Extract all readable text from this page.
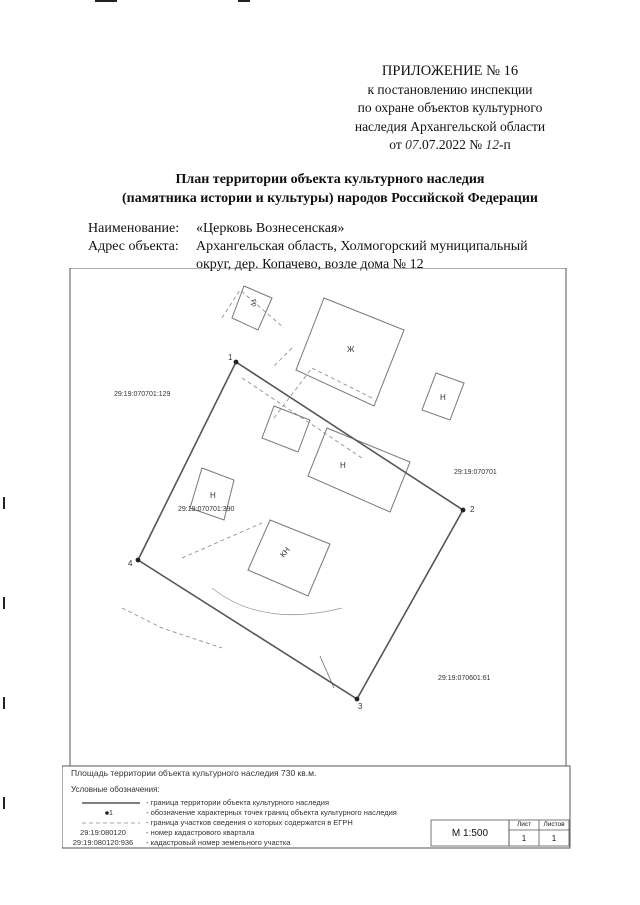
ПРИЛОЖЕНИЕ № 16
к постановлению инспекции
по охране объектов культурного
наследия Архангельской области
от 07.07.2022 № 12-п
План территории объекта культурного наследия
(памятника истории и культуры) народов Российской Федерации
Наименование:	«Церковь Вознесенская»
Адрес объекта:	Архангельская область, Холмогорский муниципальный округ, дер. Копачево, возле дома № 12
1
2
3
4
29:19:070701:129
29:19:070701
29:19:070701:390
29:19:070601:61
Гр
Ж
Н
Н
Н
КН
Площадь территории объекта культурного наследия 730 кв.м.
Условные обозначения:
- граница территории объекта культурного наследия
1	- обозначение характерных точек границ объекта культурного наследия
- граница участков сведения о которых содержатся в ЕГРН
29:19:080120	- номер кадастрового квартала
29:19:080120:936	- кадастровый номер земельного участка
М 1:500
Лист	Листов
1	1
